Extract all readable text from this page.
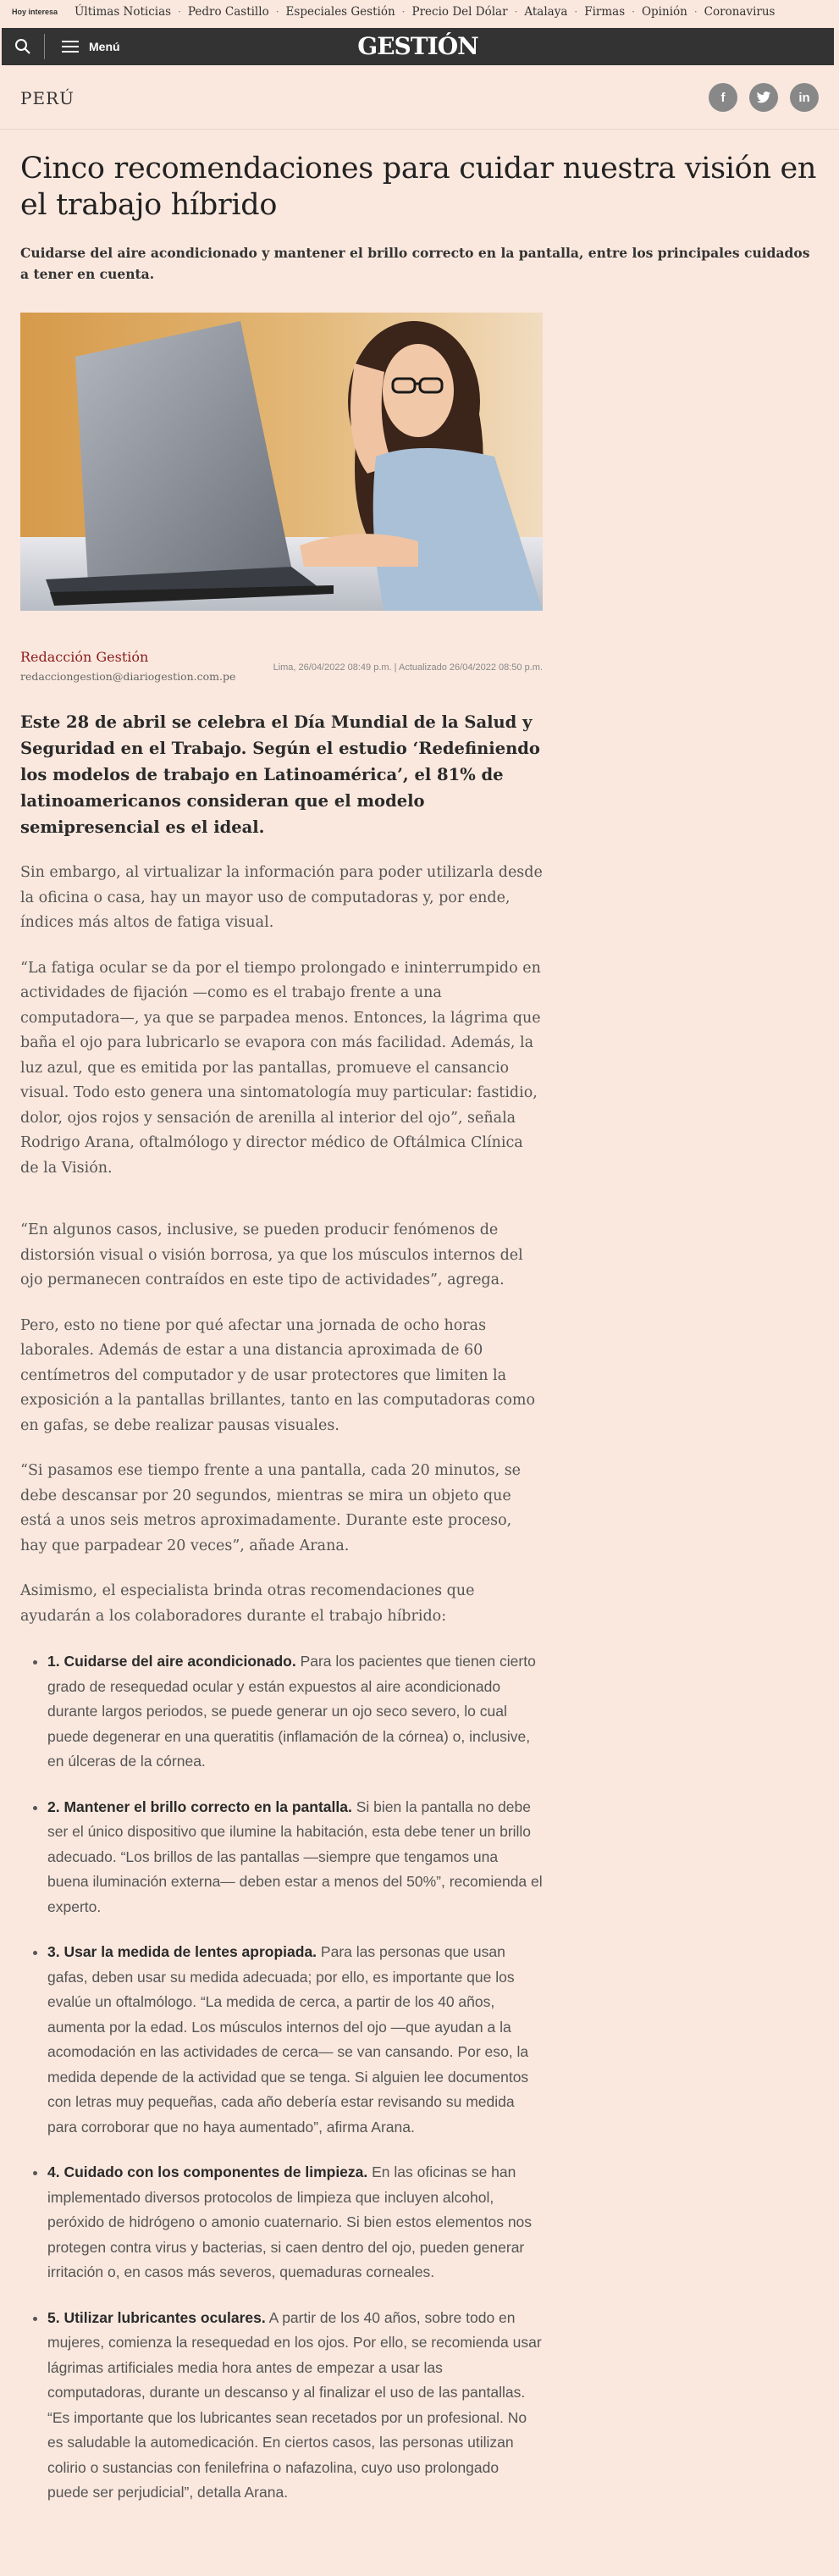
Hoy interesa Últimas Noticias · Pedro Castillo · Especiales Gestión · Precio Del Dólar · Atalaya · Firmas · Opinión · Coronavirus
Menú	GESTIÓN
PERÚ	f	in
Cinco recomendaciones para cuidar nuestra visión en el trabajo híbrido

Cuidarse del aire acondicionado y mantener el brillo correcto en la pantalla, entre los principales cuidados a tener en cuenta.

Redacción Gestión
redacciongestion@diariogestion.com.pe
Lima, 26/04/2022 08:49 p.m. | Actualizado 26/04/2022 08:50 p.m.

Este 28 de abril se celebra el Día Mundial de la Salud y Seguridad en el Trabajo. Según el estudio ‘Redefiniendo los modelos de trabajo en Latinoamérica’, el 81% de latinoamericanos consideran que el modelo semipresencial es el ideal.

Sin embargo, al virtualizar la información para poder utilizarla desde la oficina o casa, hay un mayor uso de computadoras y, por ende, índices más altos de fatiga visual.

“La fatiga ocular se da por el tiempo prolongado e ininterrumpido en actividades de fijación —como es el trabajo frente a una computadora—, ya que se parpadea menos. Entonces, la lágrima que baña el ojo para lubricarlo se evapora con más facilidad. Además, la luz azul, que es emitida por las pantallas, promueve el cansancio visual. Todo esto genera una sintomatología muy particular: fastidio, dolor, ojos rojos y sensación de arenilla al interior del ojo”, señala Rodrigo Arana, oftalmólogo y director médico de Oftálmica Clínica de la Visión.

“En algunos casos, inclusive, se pueden producir fenómenos de distorsión visual o visión borrosa, ya que los músculos internos del ojo permanecen contraídos en este tipo de actividades”, agrega.

Pero, esto no tiene por qué afectar una jornada de ocho horas laborales. Además de estar a una distancia aproximada de 60 centímetros del computador y de usar protectores que limiten la exposición a la pantallas brillantes, tanto en las computadoras como en gafas, se debe realizar pausas visuales.

“Si pasamos ese tiempo frente a una pantalla, cada 20 minutos, se debe descansar por 20 segundos, mientras se mira un objeto que está a unos seis metros aproximadamente. Durante este proceso, hay que parpadear 20 veces”, añade Arana.

Asimismo, el especialista brinda otras recomendaciones que ayudarán a los colaboradores durante el trabajo híbrido:

• 1. Cuidarse del aire acondicionado. Para los pacientes que tienen cierto grado de resequedad ocular y están expuestos al aire acondicionado durante largos periodos, se puede generar un ojo seco severo, lo cual puede degenerar en una queratitis (inflamación de la córnea) o, inclusive, en úlceras de la córnea.
• 2. Mantener el brillo correcto en la pantalla. Si bien la pantalla no debe ser el único dispositivo que ilumine la habitación, esta debe tener un brillo adecuado. “Los brillos de las pantallas —siempre que tengamos una buena iluminación externa— deben estar a menos del 50%”, recomienda el experto.
• 3. Usar la medida de lentes apropiada. Para las personas que usan gafas, deben usar su medida adecuada; por ello, es importante que los evalúe un oftalmólogo. “La medida de cerca, a partir de los 40 años, aumenta por la edad. Los músculos internos del ojo —que ayudan a la acomodación en las actividades de cerca— se van cansando. Por eso, la medida depende de la actividad que se tenga. Si alguien lee documentos con letras muy pequeñas, cada año debería estar revisando su medida para corroborar que no haya aumentado”, afirma Arana.
• 4. Cuidado con los componentes de limpieza. En las oficinas se han implementado diversos protocolos de limpieza que incluyen alcohol, peróxido de hidrógeno o amonio cuaternario. Si bien estos elementos nos protegen contra virus y bacterias, si caen dentro del ojo, pueden generar irritación o, en casos más severos, quemaduras corneales.
• 5. Utilizar lubricantes oculares. A partir de los 40 años, sobre todo en mujeres, comienza la resequedad en los ojos. Por ello, se recomienda usar lágrimas artificiales media hora antes de empezar a usar las computadoras, durante un descanso y al finalizar el uso de las pantallas. “Es importante que los lubricantes sean recetados por un profesional. No es saludable la automedicación. En ciertos casos, las personas utilizan colirio o sustancias con fenilefrina o nafazolina, cuyo uso prolongado puede ser perjudicial”, detalla Arana.
